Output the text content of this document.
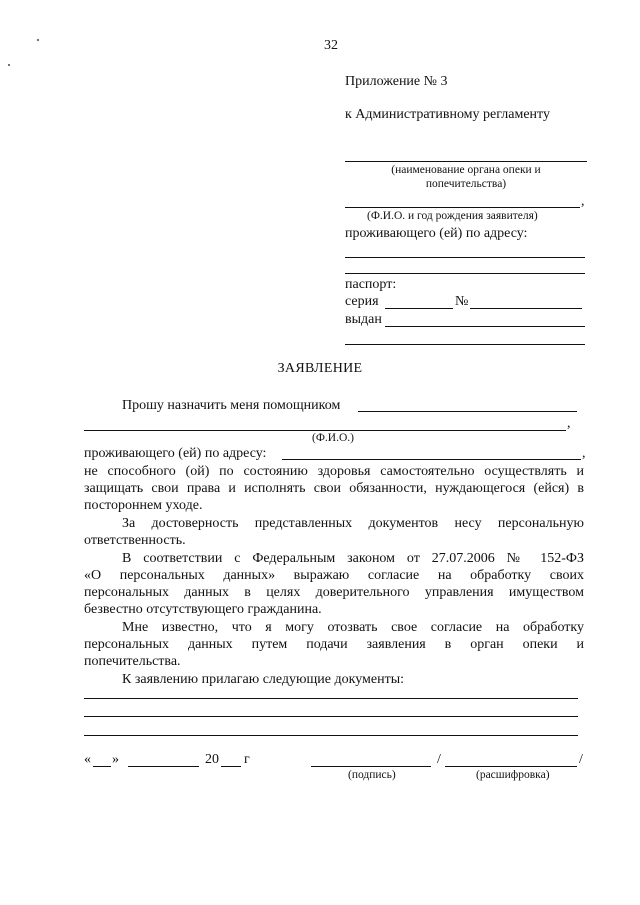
32
Приложение № 3
к Административному регламенту
(наименование органа опеки и
попечительства)
,
(Ф.И.О. и год рождения заявителя)
проживающего (ей) по адресу:
паспорт:
серия	№
выдан
ЗАЯВЛЕНИЕ
Прошу назначить меня помощником
,
(Ф.И.О.)
проживающего (ей) по адресу:	,
не способного (ой) по состоянию здоровья самостоятельно осуществлять и
защищать свои права и исполнять свои обязанности, нуждающегося (ейся) в
постороннем уходе.
За достоверность представленных документов несу персональную
ответственность.
В соответствии с Федеральным законом от 27.07.2006 № 152-ФЗ
«О персональных данных» выражаю согласие на обработку своих
персональных данных в целях доверительного управления имуществом
безвестно отсутствующего гражданина.
Мне известно, что я могу отозвать свое согласие на обработку
персональных данных путем подачи заявления в орган опеки и
попечительства.
К заявлению прилагаю следующие документы:
« »	20 г	/	/
(подпись)	(расшифровка)
